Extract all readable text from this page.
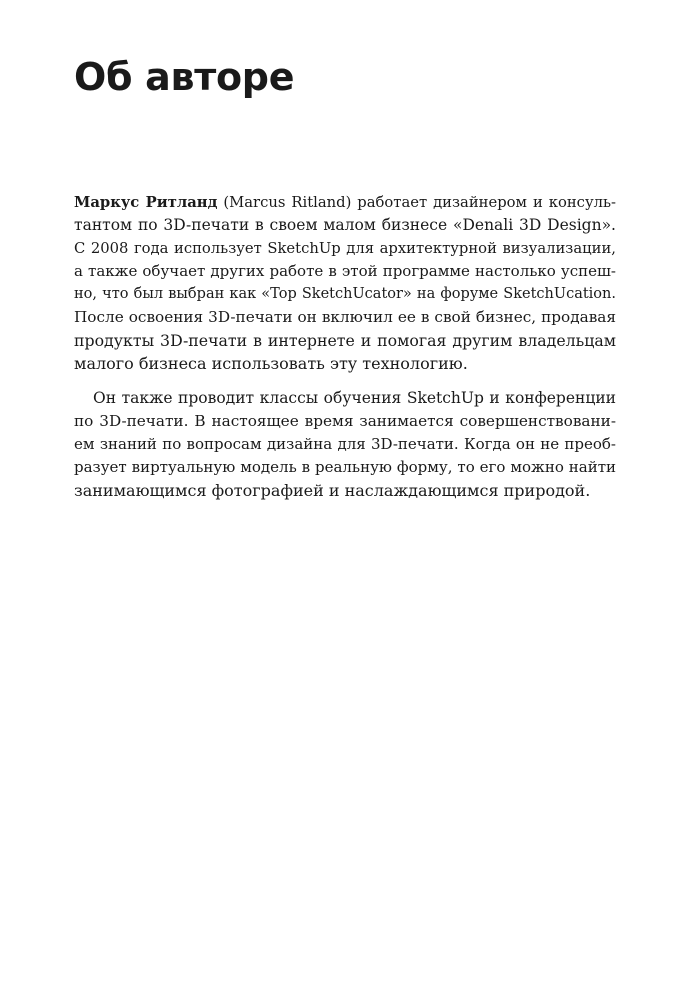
Об авторе

Маркус Ритланд (Marcus Ritland) работает дизайнером и консуль-
тантом по 3D-печати в своем малом бизнесе «Denali 3D Design».
С 2008 года использует SketchUp для архитектурной визуализации,
а также обучает других работе в этой программе настолько успеш-
но, что был выбран как «Top SketchUcator» на форуме SketchUcation.
После освоения 3D-печати он включил ее в свой бизнес, продавая
продукты 3D-печати в интернете и помогая другим владельцам
малого бизнеса использовать эту технологию.

Он также проводит классы обучения SketchUp и конференции
по 3D-печати. В настоящее время занимается совершенствовани-
ем знаний по вопросам дизайна для 3D-печати. Когда он не преоб-
разует виртуальную модель в реальную форму, то его можно найти
занимающимся фотографией и наслаждающимся природой.
